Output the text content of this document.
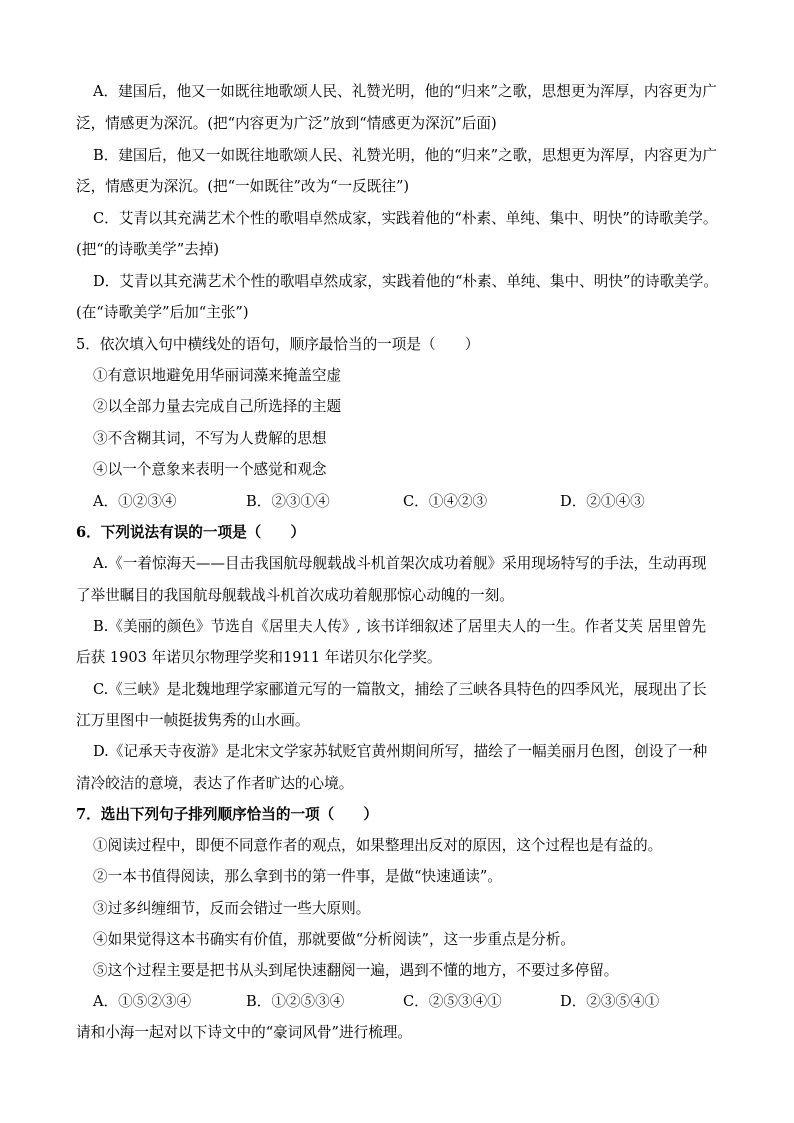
A．建国后，他又一如既往地歌颂人民、礼赞光明，他的“归来”之歌，思想更为浑厚，内容更为广
泛，情感更为深沉。(把“内容更为广泛”放到“情感更为深沉”后面)
B．建国后，他又一如既往地歌颂人民、礼赞光明，他的“归来”之歌，思想更为浑厚，内容更为广
泛，情感更为深沉。(把“一如既往”改为“一反既往”)
C．艾青以其充满艺术个性的歌唱卓然成家，实践着他的“朴素、单纯、集中、明快”的诗歌美学。
(把“的诗歌美学”去掉)
D．艾青以其充满艺术个性的歌唱卓然成家，实践着他的“朴素、单纯、集中、明快”的诗歌美学。
(在“诗歌美学”后加“主张”)
5．依次填入句中横线处的语句，顺序最恰当的一项是（　　）
①有意识地避免用华丽词藻来掩盖空虚
②以全部力量去完成自己所选择的主题
③不含糊其词，不写为人费解的思想
④以一个意象来表明一个感觉和观念
A．①②③④	B．②③①④	C．①④②③	D．②①④③
6．下列说法有误的一项是（　　）
A.《一着惊海天——目击我国航母舰载战斗机首架次成功着舰》采用现场特写的手法，生动再现
了举世瞩目的我国航母舰载战斗机首次成功着舰那惊心动魄的一刻。
B.《美丽的颜色》节选自《居里夫人传》, 该书详细叙述了居里夫人的一生。作者艾芙 居里曾先
后获 1903 年诺贝尔物理学奖和1911 年诺贝尔化学奖。
C.《三峡》是北魏地理学家郦道元写的一篇散文，捕绘了三峡各具特色的四季风光，展现出了长
江万里图中一帧挺拔隽秀的山水画。
D.《记承天寺夜游》是北宋文学家苏轼贬官黄州期间所写，描绘了一幅美丽月色图，创设了一种
清冷皎洁的意境，表达了作者旷达的心境。
7．选出下列句子排列顺序恰当的一项（　　）
①阅读过程中，即便不同意作者的观点，如果整理出反对的原因，这个过程也是有益的。
②一本书值得阅读，那么拿到书的第一件事，是做“快速通读”。
③过多纠缠细节，反而会错过一些大原则。
④如果觉得这本书确实有价值，那就要做“分析阅读”，这一步重点是分析。
⑤这个过程主要是把书从头到尾快速翻阅一遍，遇到不懂的地方，不要过多停留。
A．①⑤②③④	B．①②⑤③④	C．②⑤③④①	D．②③⑤④①
请和小海一起对以下诗文中的“豪词风骨”进行梳理。
